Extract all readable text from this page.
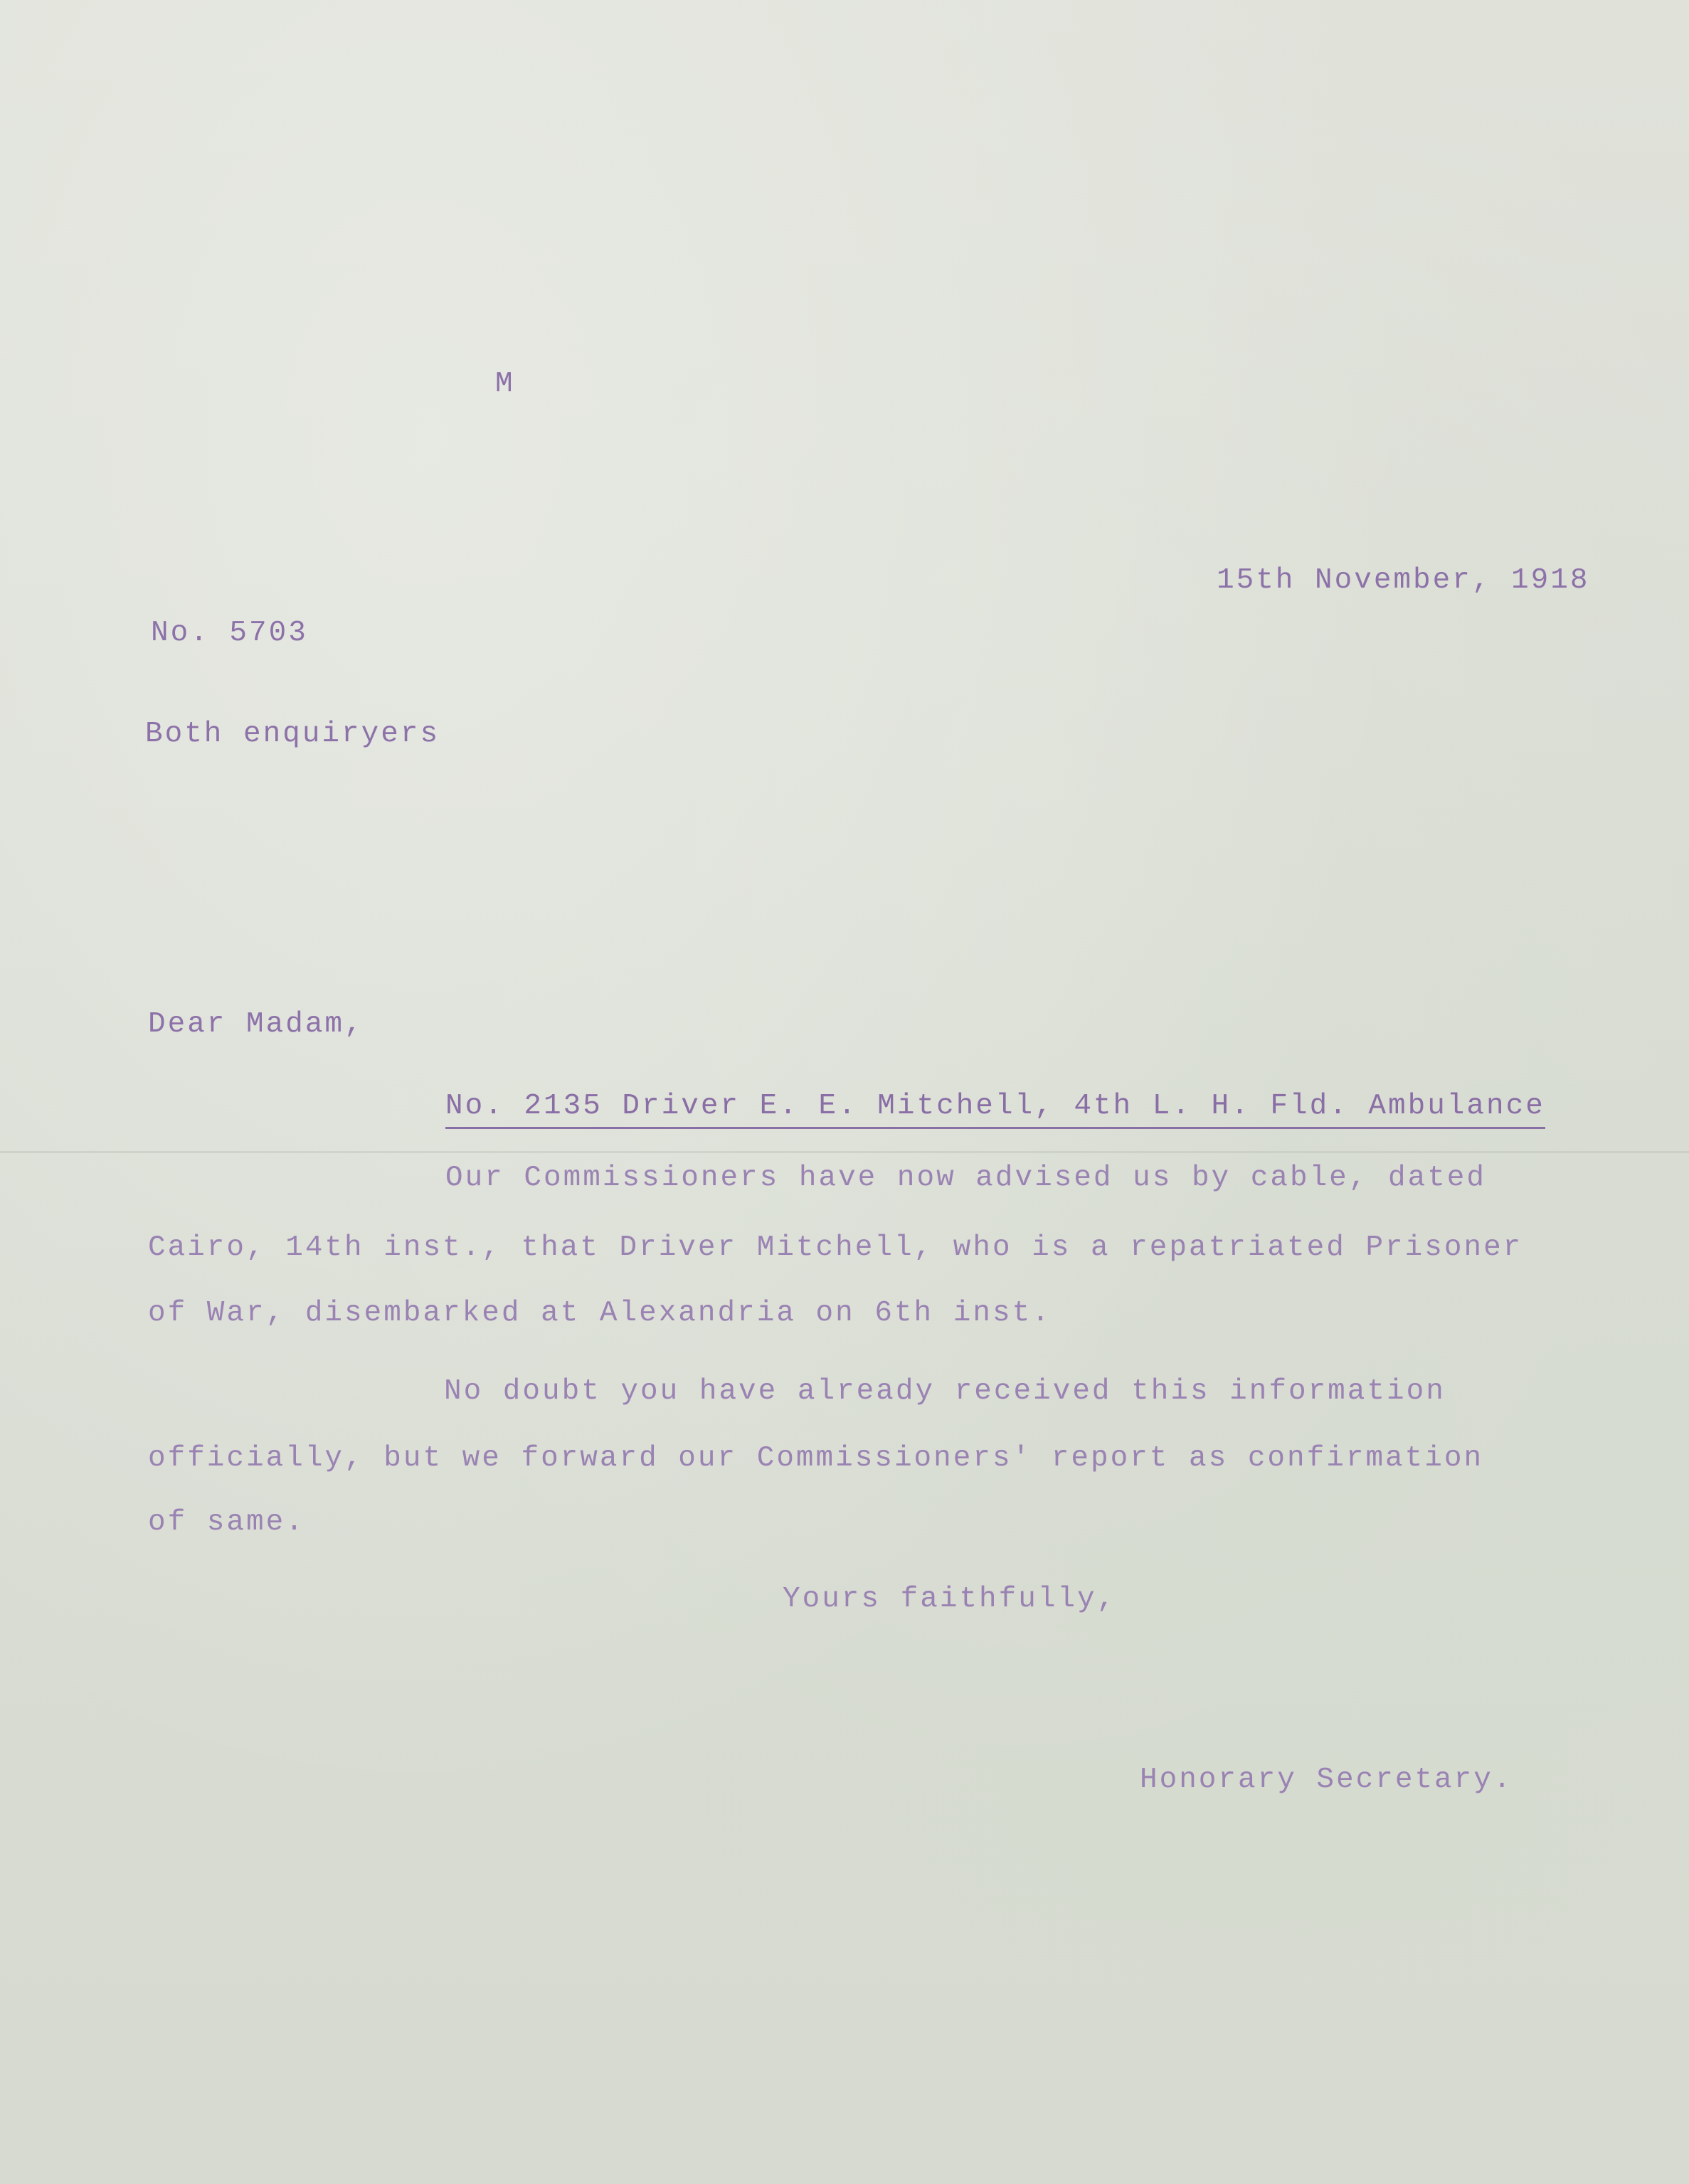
M
15th November, 1918
No. 5703
Both enquiryers
Dear Madam,
No. 2135 Driver E. E. Mitchell, 4th L. H. Fld. Ambulance
Our Commissioners have now advised us by cable, dated
Cairo, 14th inst., that Driver Mitchell, who is a repatriated Prisoner
of War, disembarked at Alexandria on 6th inst.
No doubt you have already received this information
officially, but we forward our Commissioners' report as confirmation
of same.
Yours faithfully,
Honorary Secretary.
